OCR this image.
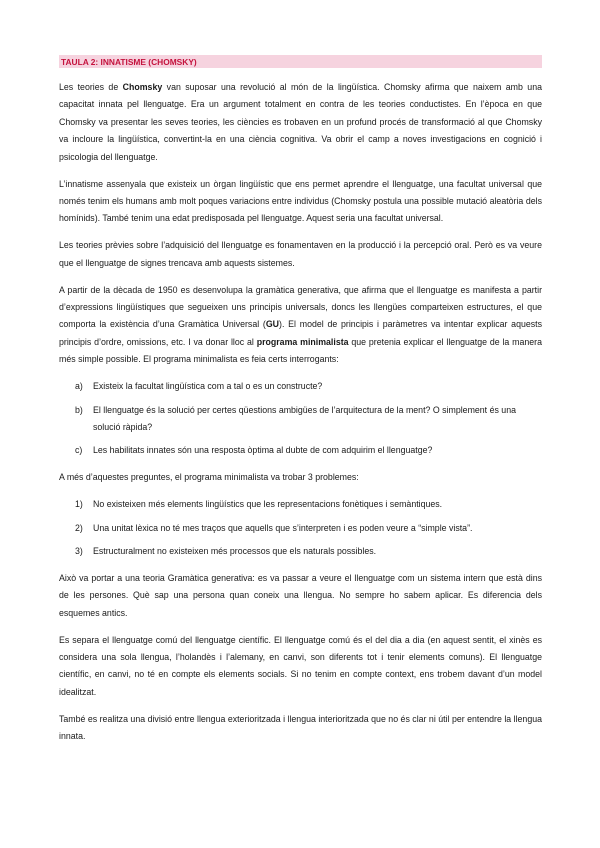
TAULA 2: INNATISME (CHOMSKY)

Les teories de Chomsky van suposar una revolució al món de la lingüística. Chomsky afirma que naixem amb una capacitat innata pel llenguatge. Era un argument totalment en contra de les teories conductistes. En l’època en que Chomsky va presentar les seves teories, les ciències es trobaven en un profund procés de transformació al que Chomsky va incloure la lingüística, convertint-la en una ciència cognitiva. Va obrir el camp a noves investigacions en cognició i psicologia del llenguatge.

L’innatisme assenyala que existeix un òrgan lingüístic que ens permet aprendre el llenguatge, una facultat universal que només tenim els humans amb molt poques variacions entre individus (Chomsky postula una possible mutació aleatòria dels homínids). També tenim una edat predisposada pel llenguatge. Aquest seria una facultat universal.

Les teories prèvies sobre l’adquisició del llenguatge es fonamentaven en la producció i la percepció oral. Però es va veure que el llenguatge de signes trencava amb aquests sistemes.

A partir de la dècada de 1950 es desenvolupa la gramàtica generativa, que afirma que el llenguatge es manifesta a partir d’expressions lingüístiques que segueixen uns principis universals, doncs les llengües comparteixen estructures, el que comporta la existència d’una Gramàtica Universal (GU). El model de principis i paràmetres va intentar explicar aquests principis d’ordre, omissions, etc. I va donar lloc al programa minimalista que pretenia explicar el llenguatge de la manera més simple possible. El programa minimalista es feia certs interrogants:

a) Existeix la facultat lingüística com a tal o es un constructe?
b) El llenguatge és la solució per certes qüestions ambigües de l’arquitectura de la ment? O simplement és una solució ràpida?
c) Les habilitats innates són una resposta òptima al dubte de com adquirim el llenguatge?

A més d’aquestes preguntes, el programa minimalista va trobar 3 problemes:

1) No existeixen més elements lingüístics que les representacions fonètiques i semàntiques.
2) Una unitat lèxica no té mes traços que aquells que s’interpreten i es poden veure a “simple vista”.
3) Estructuralment no existeixen més processos que els naturals possibles.

Això va portar a una teoria Gramàtica generativa: es va passar a veure el llenguatge com un sistema intern que està dins de les persones. Què sap una persona quan coneix una llengua. No sempre ho sabem aplicar. Es diferencia dels esquemes antics.

Es separa el llenguatge comú del llenguatge científic. El llenguatge comú és el del dia a dia (en aquest sentit, el xinès es considera una sola llengua, l’holandès i l’alemany, en canvi, son diferents tot i tenir elements comuns). El llenguatge científic, en canvi, no té en compte els elements socials. Si no tenim en compte context, ens trobem davant d’un model idealitzat.

També es realitza una divisió entre llengua exterioritzada i llengua interioritzada que no és clar ni útil per entendre la llengua innata.
